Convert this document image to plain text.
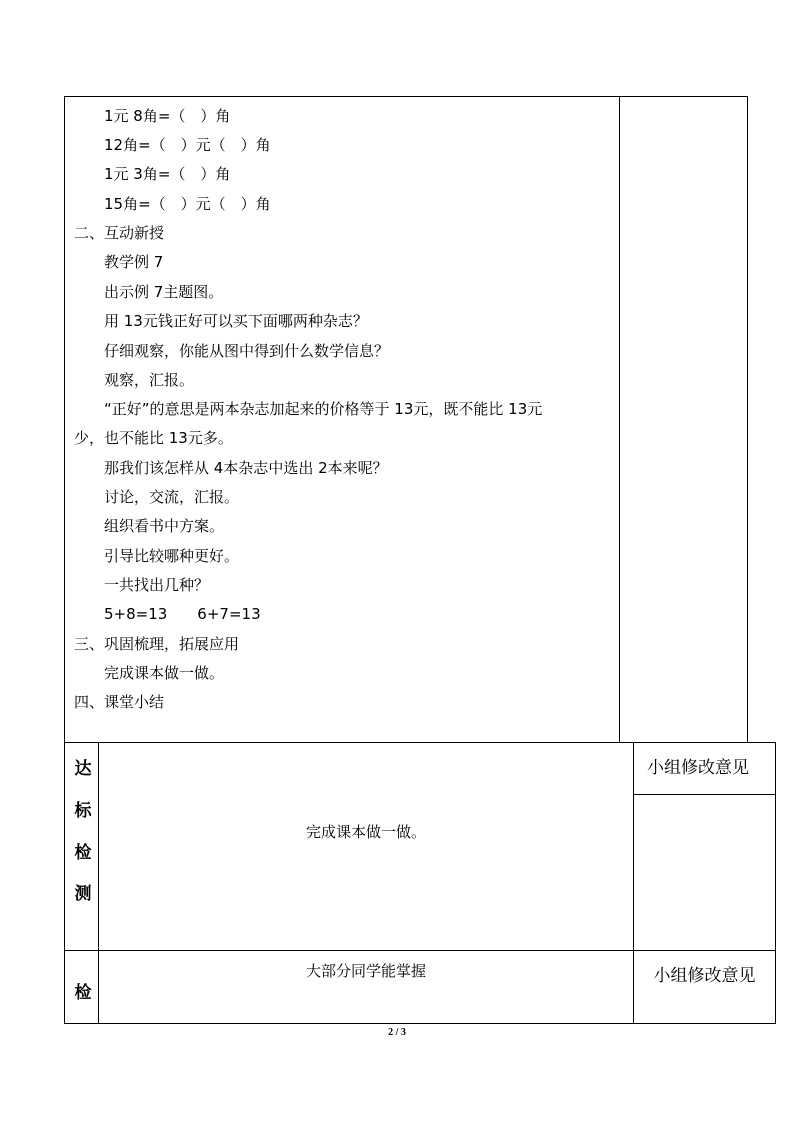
1元 8角=（　）角
12角=（　）元（　）角
1元 3角=（　）角
15角=（　）元（　）角
二、互动新授
教学例 7
出示例 7主题图。
用 13元钱正好可以买下面哪两种杂志？
仔细观察，你能从图中得到什么数学信息？
观察，汇报。
“正好”的意思是两本杂志加起来的价格等于 13元，既不能比 13元
少，也不能比 13元多。
那我们该怎样从 4本杂志中选出 2本来呢？
讨论，交流，汇报。
组织看书中方案。
引导比较哪种更好。
一共找出几种？
5+8=13　　6+7=13
三、巩固梳理，拓展应用
完成课本做一做。
四、课堂小结
达
标
检
测
完成课本做一做。
小组修改意见
检
大部分同学能掌握	小组修改意见
2 / 3
